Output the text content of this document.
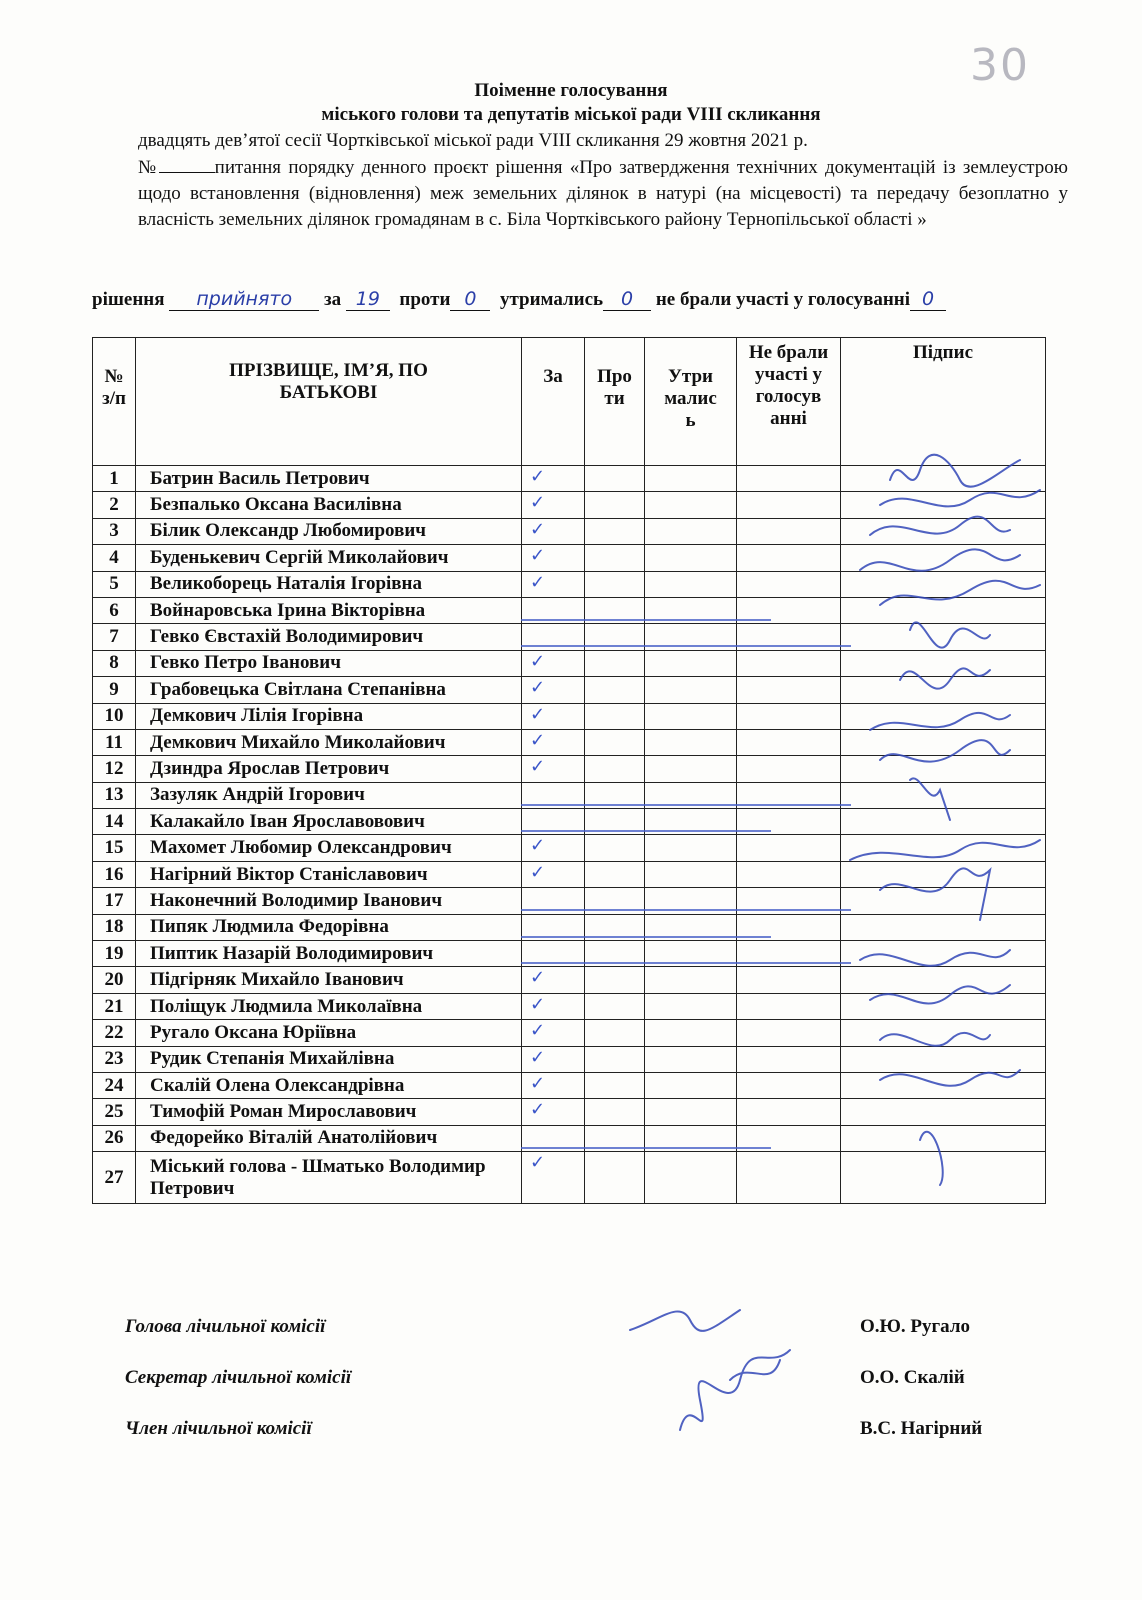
30
Поіменне голосування
міського голови та депутатів міської ради VIII скликання
двадцять дев’ятої сесії Чортківської міської ради VIII скликання 29 жовтня 2021 р.
№	питання порядку денного проєкт рішення «Про затвердження технічних документацій із землеустрою щодо встановлення (відновлення) меж земельних ділянок в натурі (на місцевості) та передачу безоплатно у власність земельних ділянок громадянам в с. Біла Чортківського району Тернопільської області »
рішення прийнято за 19 проти 0 утримались 0 не брали участі у голосуванні 0
№ з/п	ПРІЗВИЩЕ, ІМ’Я, ПО БАТЬКОВІ	За	Про ти	Утри малис ь	Не брали участі у голосув анні	Підпис

1	Батрин Василь Петрович	✓				
2	Безпалько Оксана Василівна	✓				
3	Білик Олександр Любомирович	✓				
4	Буденькевич Сергій Миколайович	✓				
5	Великоборець Наталія Ігорівна	✓				
6	Войнаровська Ірина Вікторівна					
7	Гевко Євстахій Володимирович					
8	Гевко Петро Іванович	✓				
9	Грабовецька Світлана Степанівна	✓				
10	Демкович Лілія Ігорівна	✓				
11	Демкович Михайло Миколайович	✓				
12	Дзиндра Ярослав Петрович	✓				
13	Зазуляк Андрій Ігорович					
14	Калакайло Іван Ярославовович					
15	Махомет Любомир Олександрович	✓				
16	Нагірний Віктор Станіславович	✓				
17	Наконечний Володимир Іванович					
18	Пипяк Людмила Федорівна					
19	Пиптик Назарій Володимирович					
20	Підгірняк Михайло Іванович	✓				
21	Поліщук Людмила Миколаївна	✓				
22	Ругало Оксана Юріївна	✓				
23	Рудик Степанія Михайлівна	✓				
24	Скалій Олена Олександрівна	✓				
25	Тимофій Роман Мирославович	✓				
26	Федорейко Віталій Анатолійович					
27	Міський голова - Шматько Володимир Петрович	✓				
Голова лічильної комісії	О.Ю. Ругало
Секретар лічильної комісії	О.О. Скалій
Член лічильної комісії	В.С. Нагірний
